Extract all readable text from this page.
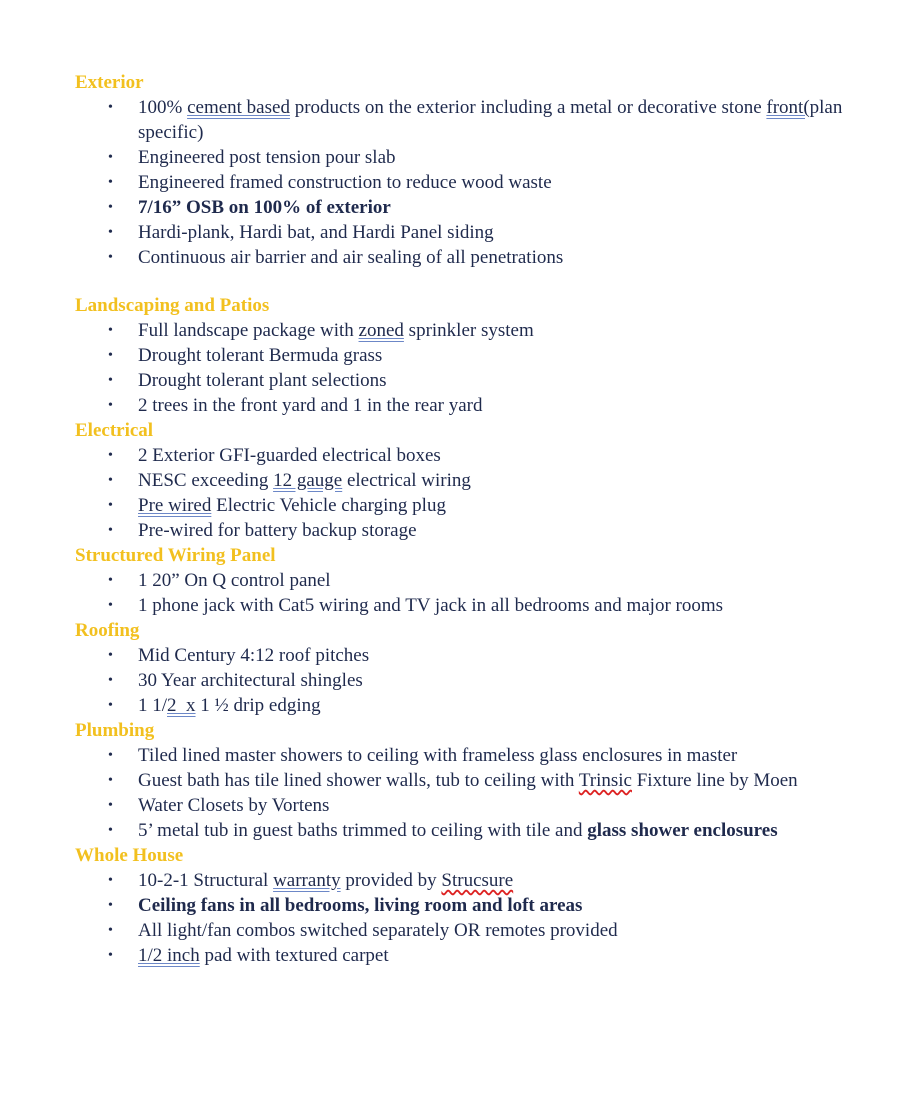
Exterior
• 100% cement based products on the exterior including a metal or decorative stone front(plan specific)
• Engineered post tension pour slab
• Engineered framed construction to reduce wood waste
• 7/16” OSB on 100% of exterior
• Hardi-plank, Hardi bat, and Hardi Panel siding
• Continuous air barrier and air sealing of all penetrations
Landscaping and Patios
• Full landscape package with zoned sprinkler system
• Drought tolerant Bermuda grass
• Drought tolerant plant selections
• 2 trees in the front yard and 1 in the rear yard
Electrical
• 2 Exterior GFI-guarded electrical boxes
• NESC exceeding 12 gauge electrical wiring
• Pre wired Electric Vehicle charging plug
• Pre-wired for battery backup storage
Structured Wiring Panel
• 1 20” On Q control panel
• 1 phone jack with Cat5 wiring and TV jack in all bedrooms and major rooms
Roofing
• Mid Century 4:12 roof pitches
• 30 Year architectural shingles
• 1 1/2  x 1 ½ drip edging
Plumbing
• Tiled lined master showers to ceiling with frameless glass enclosures in master
• Guest bath has tile lined shower walls, tub to ceiling with Trinsic Fixture line by Moen
• Water Closets by Vortens
• 5’ metal tub in guest baths trimmed to ceiling with tile and glass shower enclosures
Whole House
• 10-2-1 Structural warranty provided by Strucsure
• Ceiling fans in all bedrooms, living room and loft areas
• All light/fan combos switched separately OR remotes provided
• 1/2 inch pad with textured carpet
